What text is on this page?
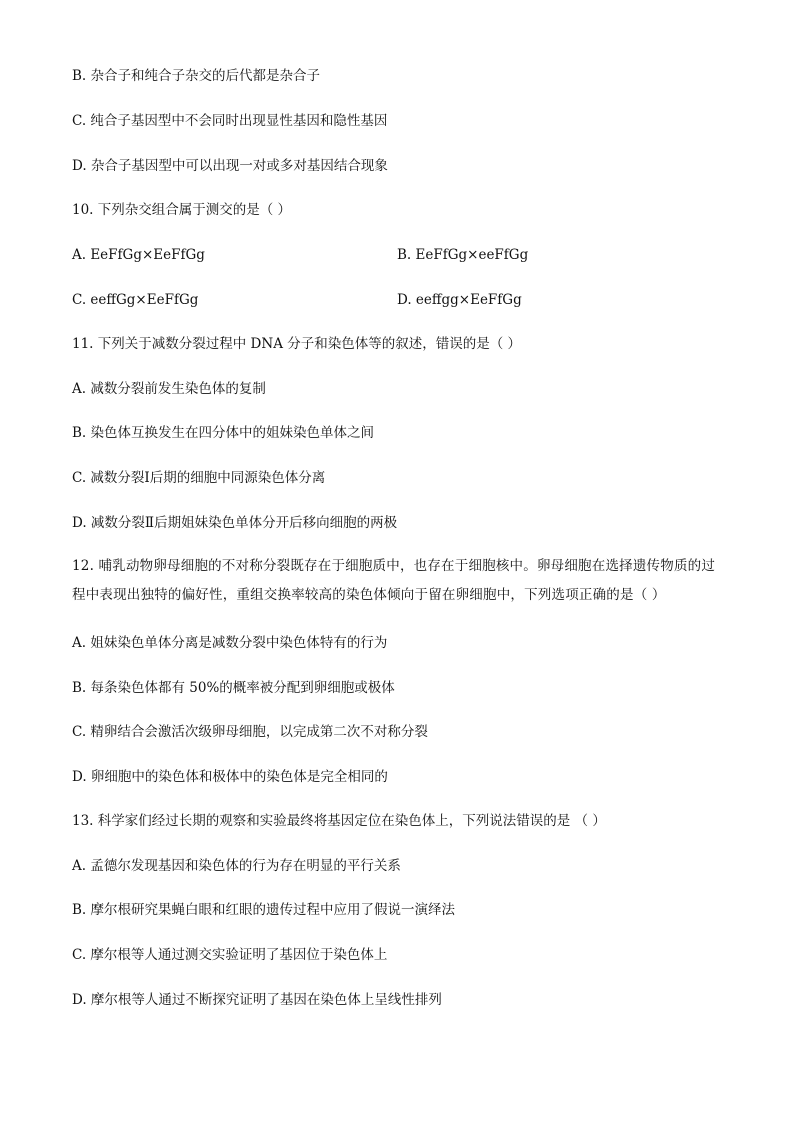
B. 杂合子和纯合子杂交的后代都是杂合子
C. 纯合子基因型中不会同时出现显性基因和隐性基因
D. 杂合子基因型中可以出现一对或多对基因结合现象
10. 下列杂交组合属于测交的是（ ）
A. EeFfGg×EeFfGg	B. EeFfGg×eeFfGg
C. eeffGg×EeFfGg	D. eeffgg×EeFfGg
11. 下列关于减数分裂过程中 DNA 分子和染色体等的叙述，错误的是（ ）
A. 减数分裂前发生染色体的复制
B. 染色体互换发生在四分体中的姐妹染色单体之间
C. 减数分裂Ⅰ后期的细胞中同源染色体分离
D. 减数分裂Ⅱ后期姐妹染色单体分开后移向细胞的两极
12. 哺乳动物卵母细胞的不对称分裂既存在于细胞质中，也存在于细胞核中。卵母细胞在选择遗传物质的过程中表现出独特的偏好性，重组交换率较高的染色体倾向于留在卵细胞中，下列选项正确的是（ ）
A. 姐妹染色单体分离是减数分裂中染色体特有的行为
B. 每条染色体都有 50%的概率被分配到卵细胞或极体
C. 精卵结合会激活次级卵母细胞，以完成第二次不对称分裂
D. 卵细胞中的染色体和极体中的染色体是完全相同的
13. 科学家们经过长期的观察和实验最终将基因定位在染色体上，下列说法错误的是 （ ）
A. 孟德尔发现基因和染色体的行为存在明显的平行关系
B. 摩尔根研究果蝇白眼和红眼的遗传过程中应用了假说一演绎法
C. 摩尔根等人通过测交实验证明了基因位于染色体上
D. 摩尔根等人通过不断探究证明了基因在染色体上呈线性排列
